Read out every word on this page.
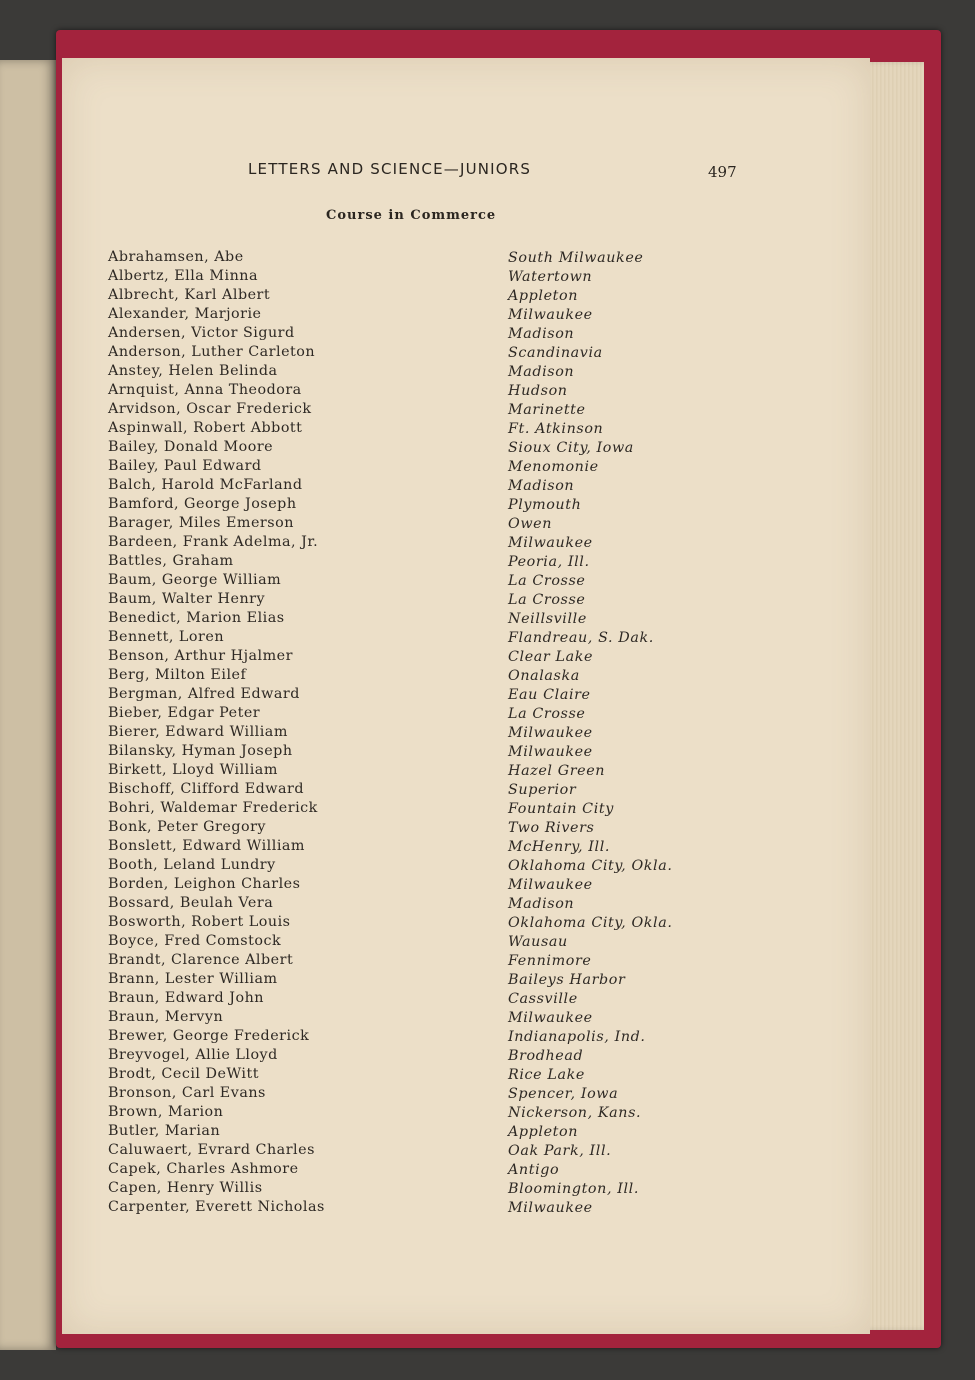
LETTERS AND SCIENCE—JUNIORS	497
Course in Commerce
Abrahamsen, Abe
Albertz, Ella Minna
Albrecht, Karl Albert
Alexander, Marjorie
Andersen, Victor Sigurd
Anderson, Luther Carleton
Anstey, Helen Belinda
Arnquist, Anna Theodora
Arvidson, Oscar Frederick
Aspinwall, Robert Abbott
Bailey, Donald Moore
Bailey, Paul Edward
Balch, Harold McFarland
Bamford, George Joseph
Barager, Miles Emerson
Bardeen, Frank Adelma, Jr.
Battles, Graham
Baum, George William
Baum, Walter Henry
Benedict, Marion Elias
Bennett, Loren
Benson, Arthur Hjalmer
Berg, Milton Eilef
Bergman, Alfred Edward
Bieber, Edgar Peter
Bierer, Edward William
Bilansky, Hyman Joseph
Birkett, Lloyd William
Bischoff, Clifford Edward
Bohri, Waldemar Frederick
Bonk, Peter Gregory
Bonslett, Edward William
Booth, Leland Lundry
Borden, Leighon Charles
Bossard, Beulah Vera
Bosworth, Robert Louis
Boyce, Fred Comstock
Brandt, Clarence Albert
Brann, Lester William
Braun, Edward John
Braun, Mervyn
Brewer, George Frederick
Breyvogel, Allie Lloyd
Brodt, Cecil DeWitt
Bronson, Carl Evans
Brown, Marion
Butler, Marian
Caluwaert, Evrard Charles
Capek, Charles Ashmore
Capen, Henry Willis
Carpenter, Everett Nicholas
South Milwaukee
Watertown
Appleton
Milwaukee
Madison
Scandinavia
Madison
Hudson
Marinette
Ft. Atkinson
Sioux City, Iowa
Menomonie
Madison
Plymouth
Owen
Milwaukee
Peoria, Ill.
La Crosse
La Crosse
Neillsville
Flandreau, S. Dak.
Clear Lake
Onalaska
Eau Claire
La Crosse
Milwaukee
Milwaukee
Hazel Green
Superior
Fountain City
Two Rivers
McHenry, Ill.
Oklahoma City, Okla.
Milwaukee
Madison
Oklahoma City, Okla.
Wausau
Fennimore
Baileys Harbor
Cassville
Milwaukee
Indianapolis, Ind.
Brodhead
Rice Lake
Spencer, Iowa
Nickerson, Kans.
Appleton
Oak Park, Ill.
Antigo
Bloomington, Ill.
Milwaukee
